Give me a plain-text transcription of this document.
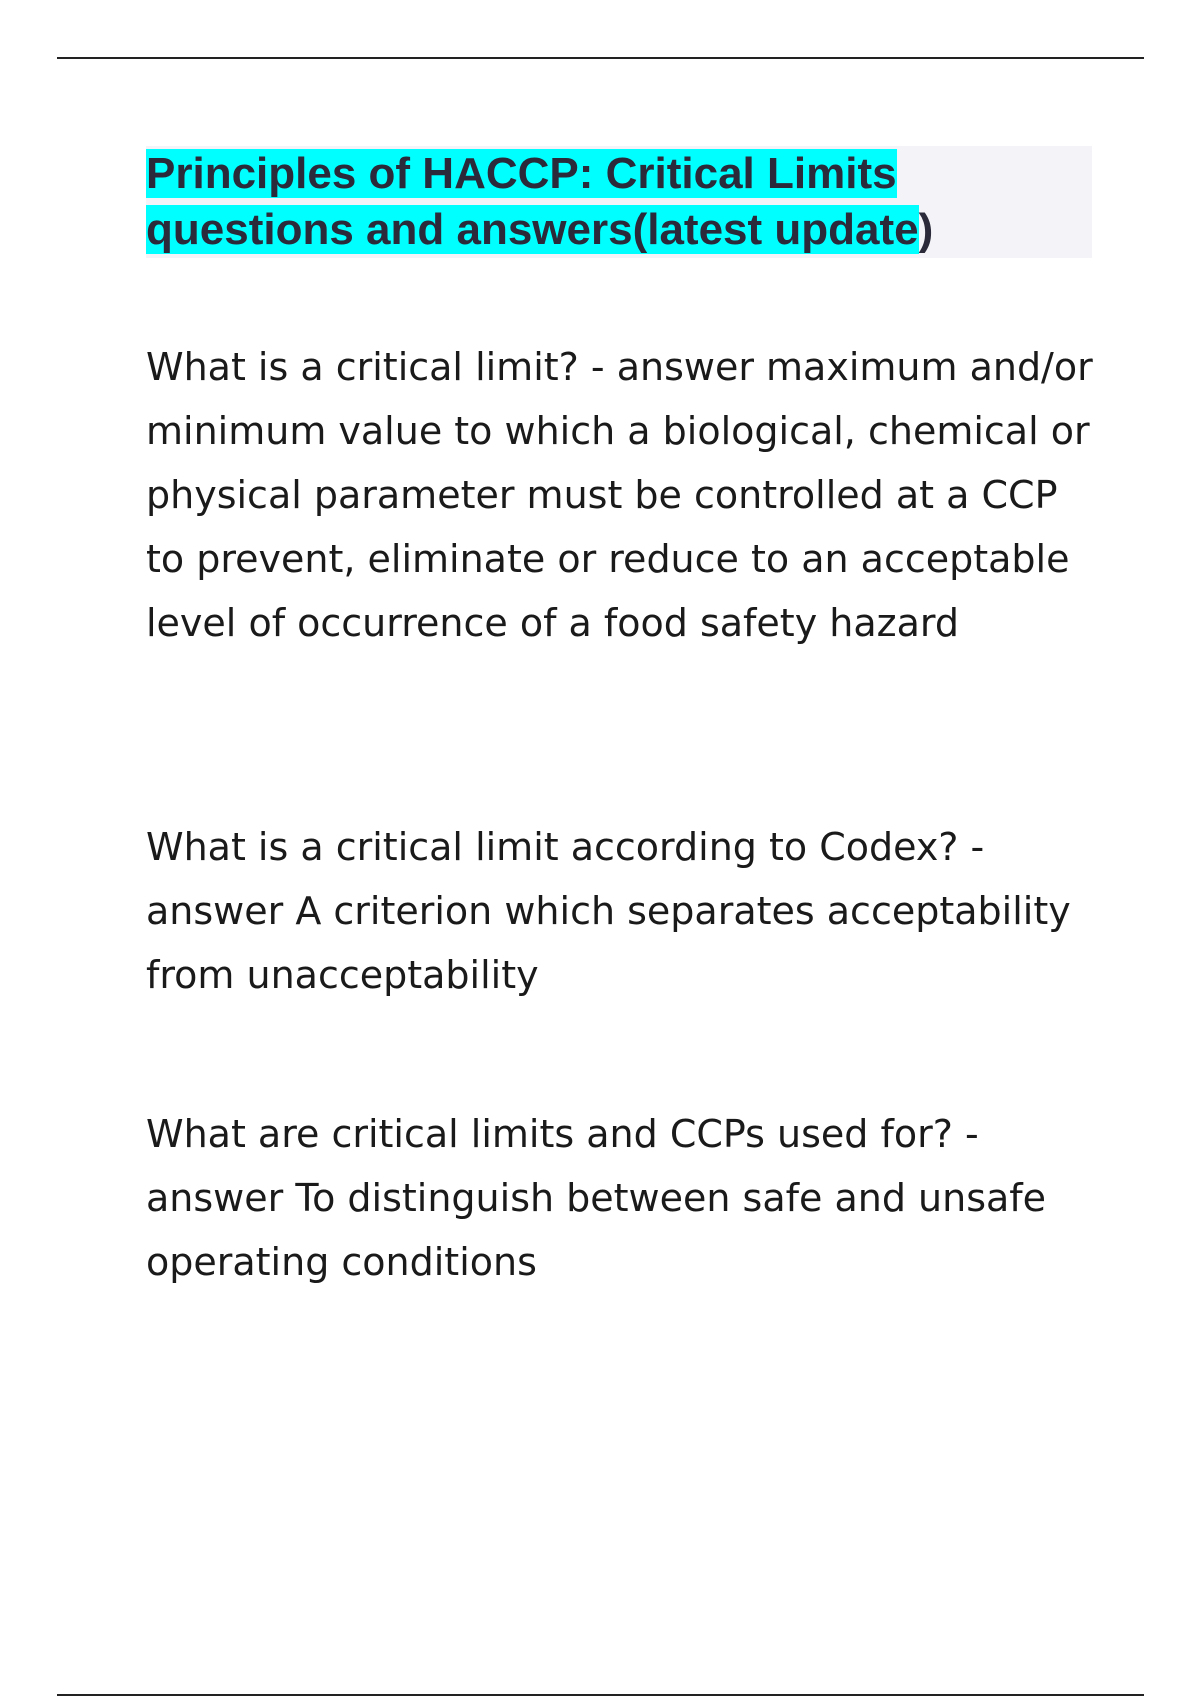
Principles of HACCP: Critical Limits
questions and answers(latest update)

What is a critical limit? - answer maximum and/or minimum value to which a biological, chemical or physical parameter must be controlled at a CCP to prevent, eliminate or reduce to an acceptable level of occurrence of a food safety hazard

What is a critical limit according to Codex? - answer A criterion which separates acceptability from unacceptability

What are critical limits and CCPs used for? - answer To distinguish between safe and unsafe operating conditions
